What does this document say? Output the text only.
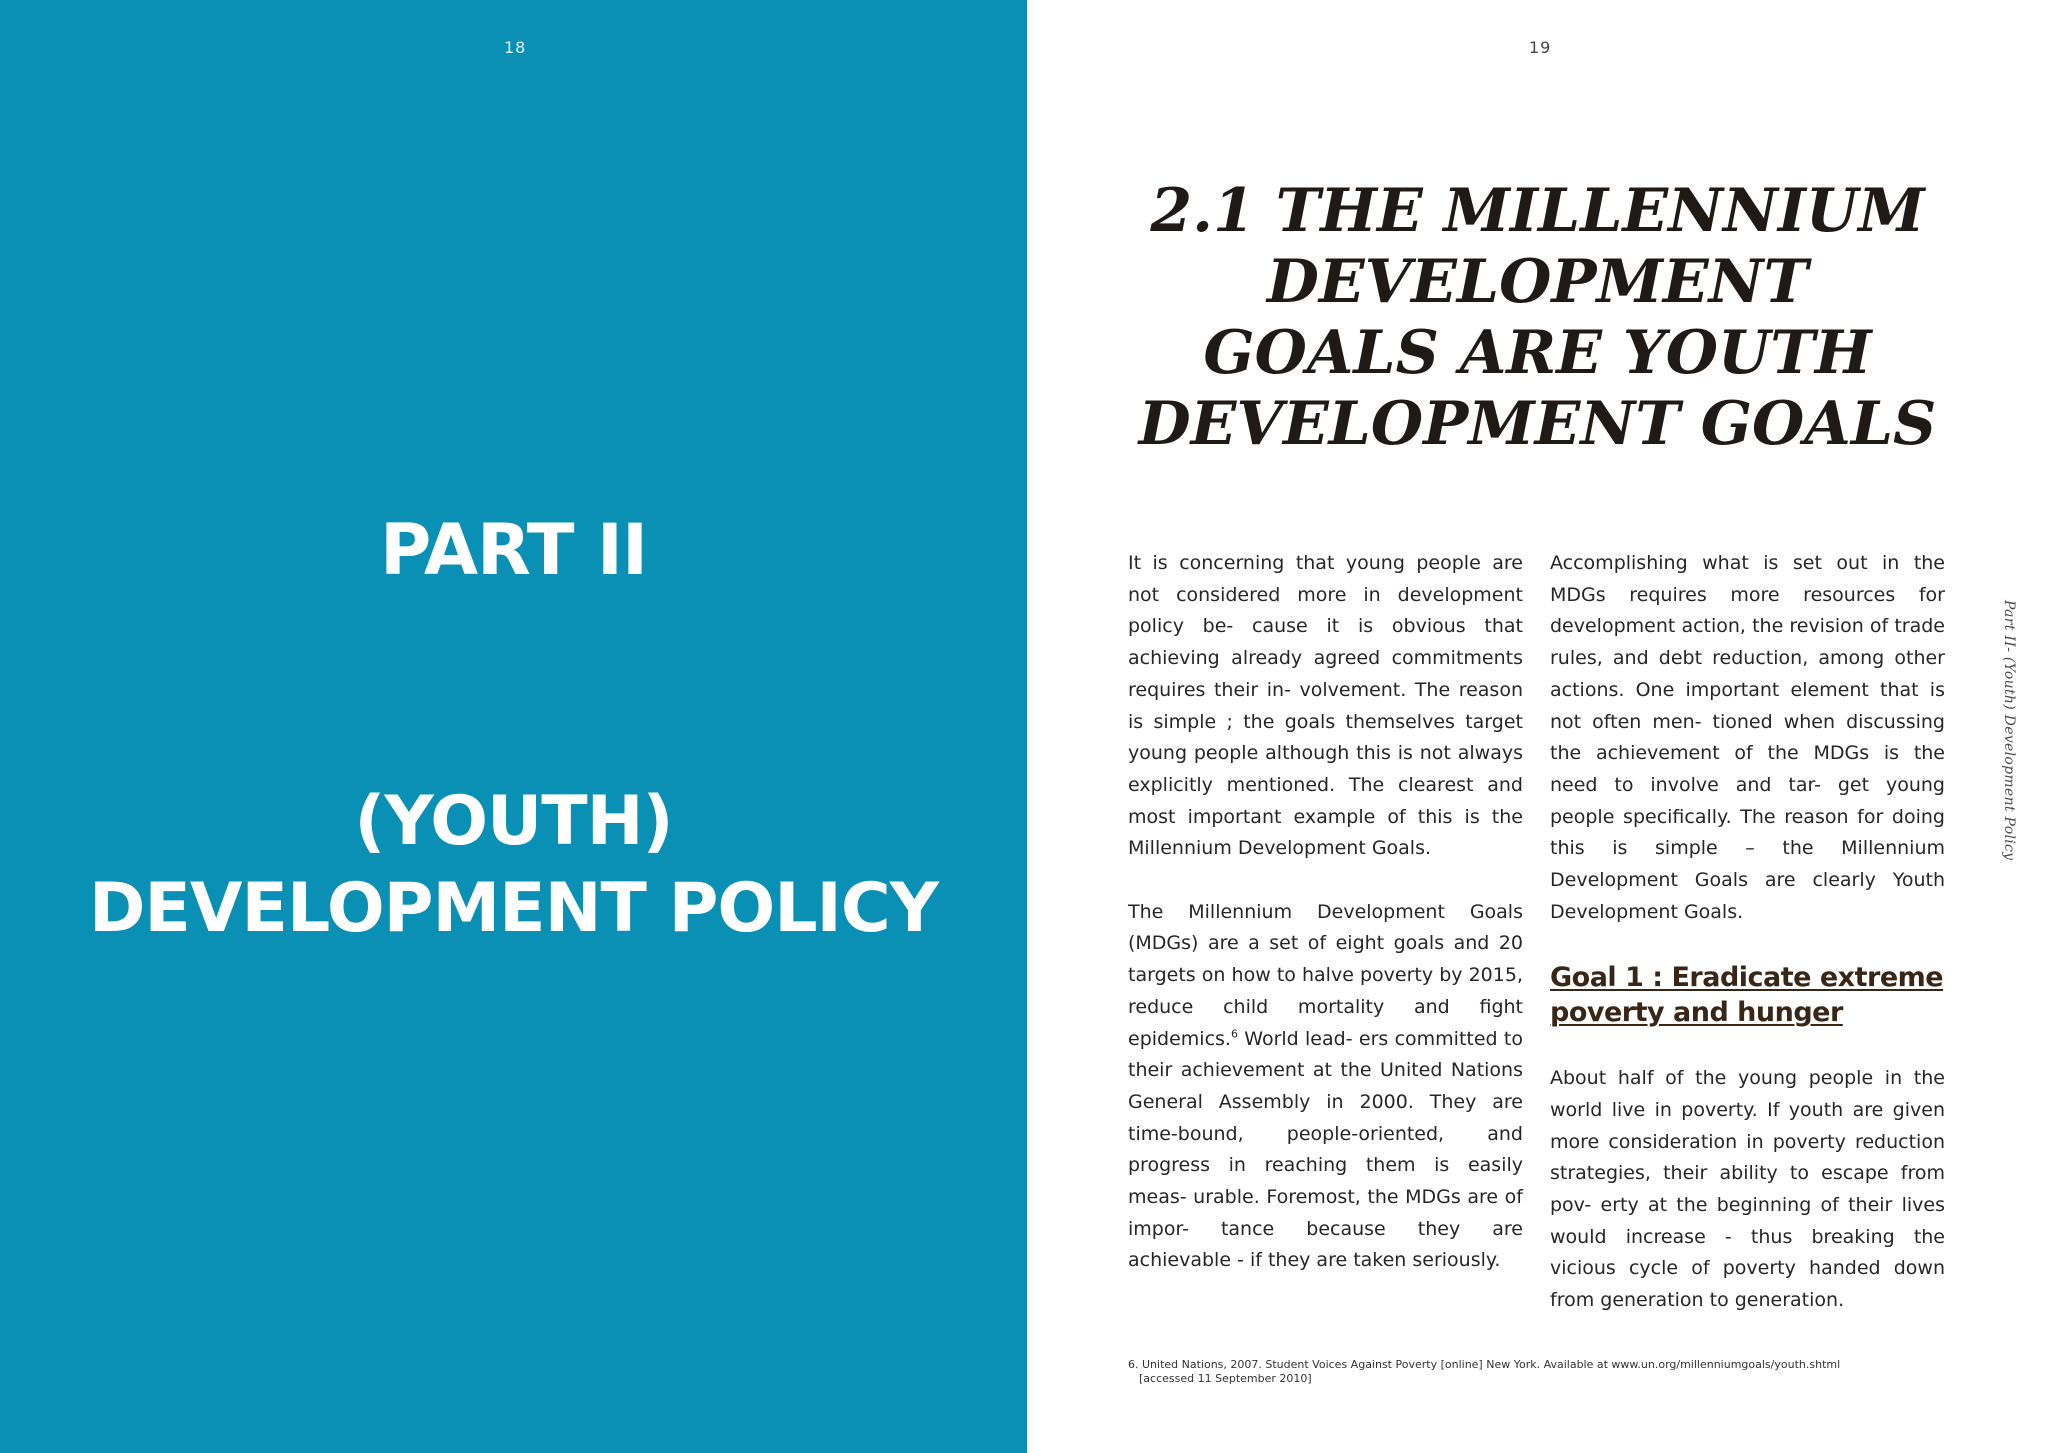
18
PART II
(YOUTH)
DEVELOPMENT POLICY
19
2.1 THE MILLENNIUM
DEVELOPMENT
GOALS ARE YOUTH
DEVELOPMENT GOALS

It is concerning that young people are not considered more in development policy be- cause it is obvious that achieving already agreed commitments requires their in- volvement. The reason is simple ; the goals themselves target young people although this is not always explicitly mentioned. The clearest and most important example of this is the Millennium Development Goals.

The Millennium Development Goals (MDGs) are a set of eight goals and 20 targets on how to halve poverty by 2015, reduce child mortality and fight epidemics.$^6$ World lead- ers committed to their achievement at the United Nations General Assembly in 2000. They are time-bound, people-oriented, and progress in reaching them is easily meas- urable. Foremost, the MDGs are of impor- tance because they are achievable - if they are taken seriously.

Accomplishing what is set out in the MDGs requires more resources for development action, the revision of trade rules, and debt reduction, among other actions. One important element that is not often men- tioned when discussing the achievement of the MDGs is the need to involve and tar- get young people specifically. The reason for doing this is simple – the Millennium Development Goals are clearly Youth Development Goals.

Goal 1 : Eradicate extreme poverty and hunger

About half of the young people in the world live in poverty. If youth are given more consideration in poverty reduction strategies, their ability to escape from pov- erty at the beginning of their lives would increase - thus breaking the vicious cycle of poverty handed down from generation to generation.

Part II- (Youth) Development Policy
6. United Nations, 2007. Student Voices Against Poverty [online] New York. Available at www.un.org/millenniumgoals/youth.shtml
[accessed 11 September 2010]
